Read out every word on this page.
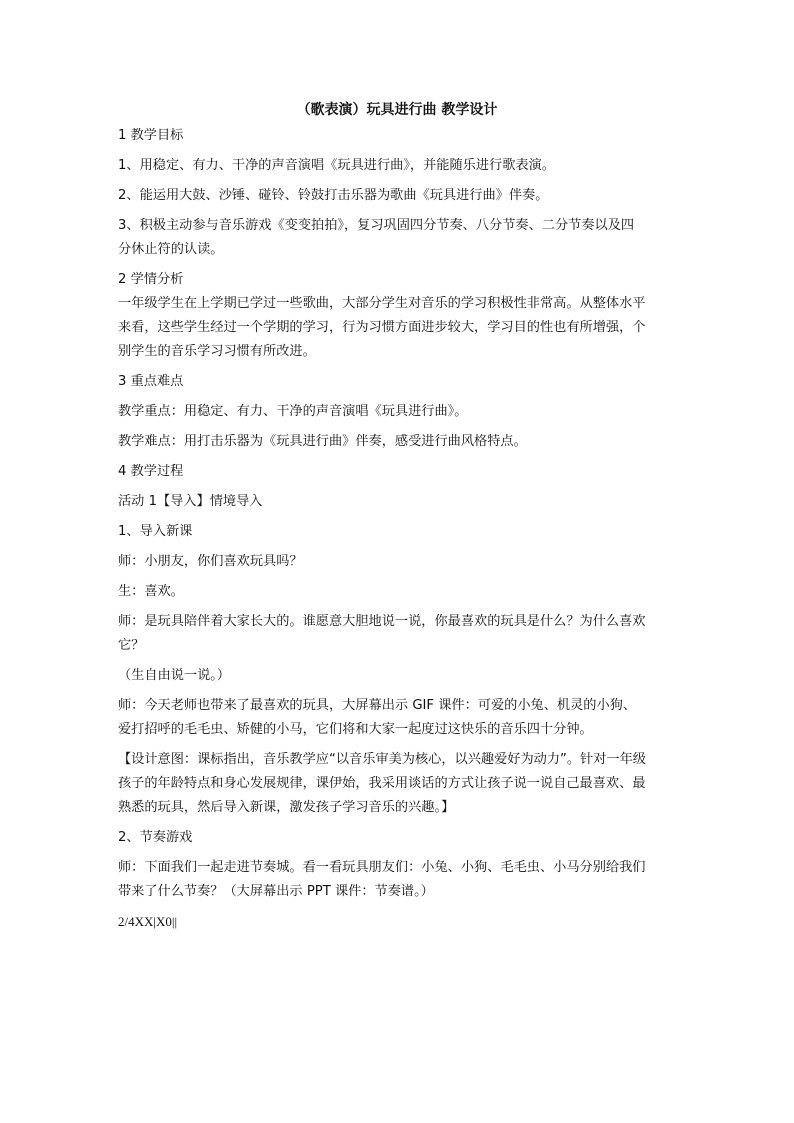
（歌表演）玩具进行曲 教学设计

1 教学目标

1、用稳定、有力、干净的声音演唱《玩具进行曲》，并能随乐进行歌表演。

2、能运用大鼓、沙锤、碰铃、铃鼓打击乐器为歌曲《玩具进行曲》伴奏。

3、积极主动参与音乐游戏《变变拍拍》，复习巩固四分节奏、八分节奏、二分节奏以及四

分休止符的认读。

2 学情分析

一年级学生在上学期已学过一些歌曲，大部分学生对音乐的学习积极性非常高。从整体水平

来看，这些学生经过一个学期的学习，行为习惯方面进步较大，学习目的性也有所增强，个

别学生的音乐学习习惯有所改进。

3 重点难点

教学重点：用稳定、有力、干净的声音演唱《玩具进行曲》。

教学难点：用打击乐器为《玩具进行曲》伴奏，感受进行曲风格特点。

4 教学过程

活动 1【导入】情境导入

1、导入新课

师：小朋友，你们喜欢玩具吗？

生：喜欢。

师：是玩具陪伴着大家长大的。谁愿意大胆地说一说，你最喜欢的玩具是什么？为什么喜欢

它？

（生自由说一说。）

师：今天老师也带来了最喜欢的玩具，大屏幕出示 GIF 课件：可爱的小兔、机灵的小狗、

爱打招呼的毛毛虫、矫健的小马，它们将和大家一起度过这快乐的音乐四十分钟。

【设计意图：课标指出，音乐教学应“以音乐审美为核心，以兴趣爱好为动力”。针对一年级

孩子的年龄特点和身心发展规律，课伊始，我采用谈话的方式让孩子说一说自己最喜欢、最

熟悉的玩具，然后导入新课，激发孩子学习音乐的兴趣。】

2、节奏游戏

师：下面我们一起走进节奏城。看一看玩具朋友们：小兔、小狗、毛毛虫、小马分别给我们

带来了什么节奏？（大屏幕出示 PPT 课件：节奏谱。）

2/4XX|X0||
